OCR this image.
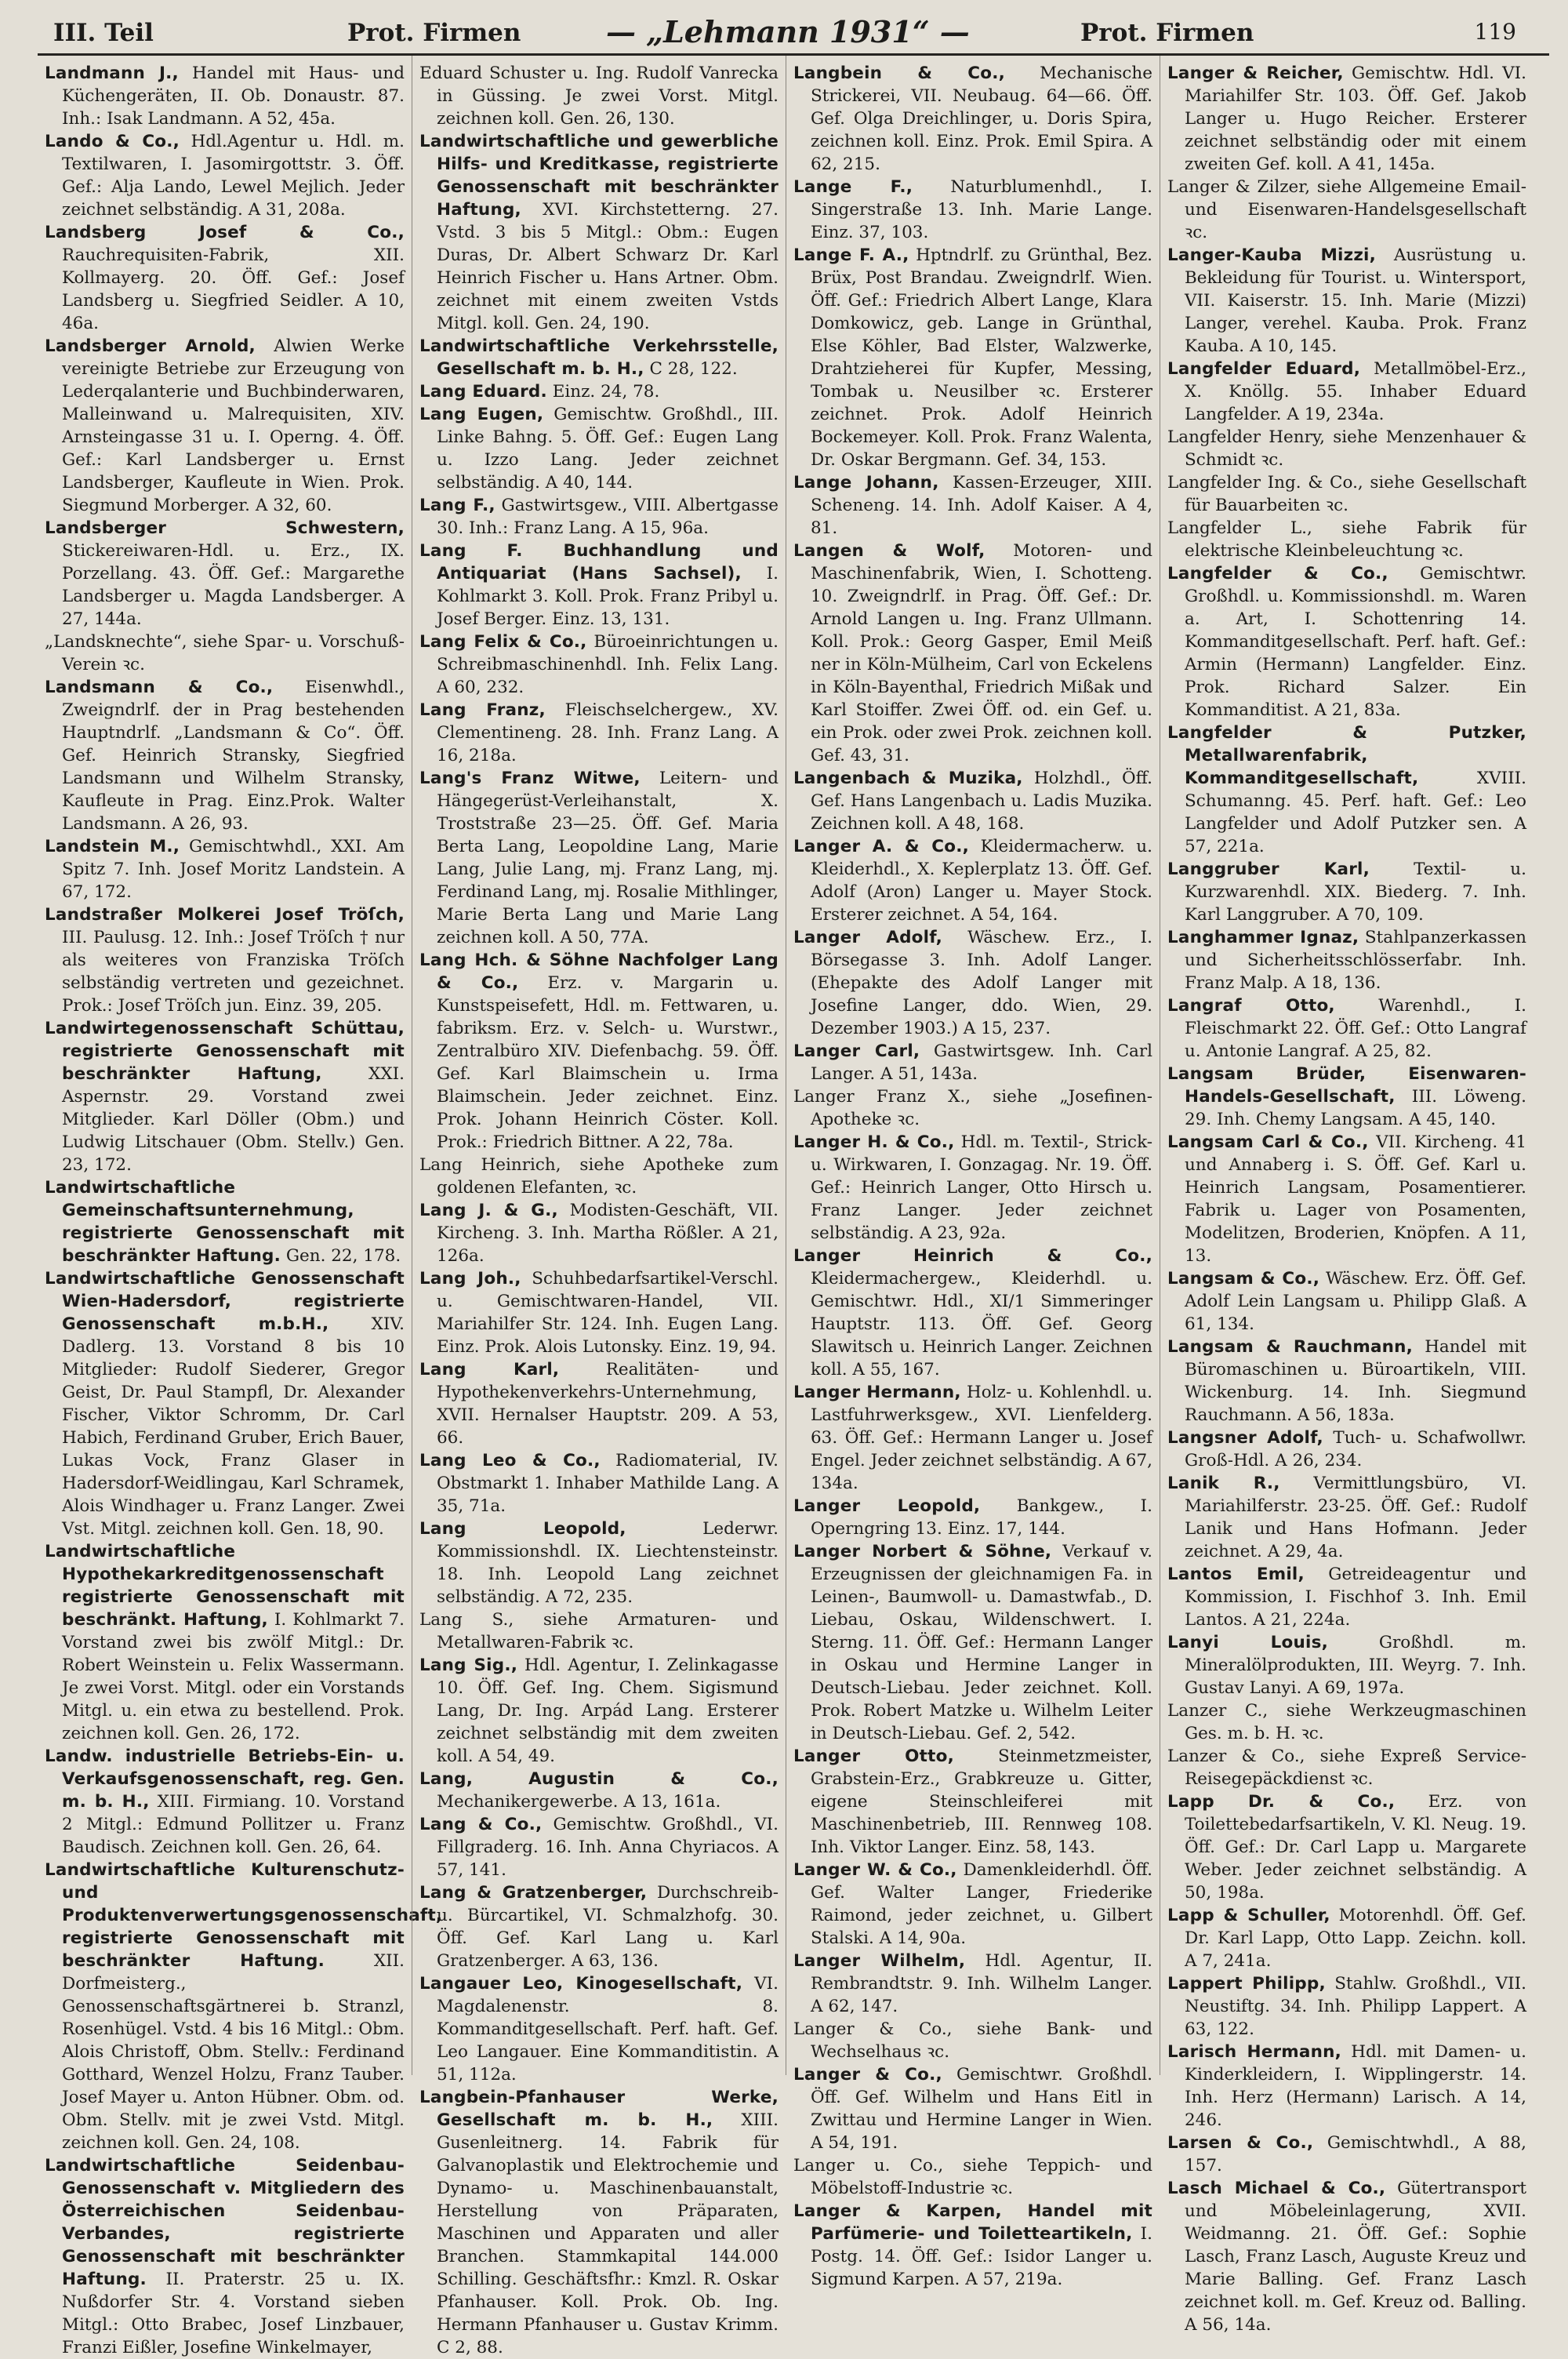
III. Teil	Prot. Firmen	— „Lehmann 1931“ —	Prot. Firmen	119

Landmann J., Handel mit Haus- und Küchengeräten, II. Ob. Donaustr. 87. Inh.: Isak Landmann. A 52, 45a.

Lando & Co., Hdl.Agentur u. Hdl. m. Textilwaren, I. Jasomirgottstr. 3. Öff. Gef.: Alja Lando, Lewel Mejlich. Jeder zeichnet selbständig. A 31, 208a.

Landsberg Josef & Co., Rauchrequisiten-Fabrik, XII. Kollmayerg. 20. Öff. Gef.: Josef Landsberg u. Siegfried Seidler. A 10, 46a.

Landsberger Arnold, Alwien Werke vereinigte Betriebe zur Erzeugung von Lederqalanterie und Buchbinderwaren, Malleinwand u. Malrequisiten, XIV. Arnsteingasse 31 u. I. Operng. 4. Öff. Gef.: Karl Landsberger u. Ernst Landsberger, Kaufleute in Wien. Prok. Siegmund Morberger. A 32, 60.

Landsberger Schwestern, Stickereiwaren-Hdl. u. Erz., IX. Porzellang. 43. Öff. Gef.: Margarethe Landsberger u. Magda Landsberger. A 27, 144a.

„Landsknechte“, siehe Spar- u. Vorschuß-Verein ꝛc.

Landsmann & Co., Eisenwhdl., Zweigndrlf. der in Prag bestehenden Hauptndrlf. „Landsmann & Co“. Öff. Gef. Heinrich Stransky, Siegfried Landsmann und Wilhelm Stransky, Kaufleute in Prag. Einz.Prok. Walter Landsmann. A 26, 93.

Landstein M., Gemischtwhdl., XXI. Am Spitz 7. Inh. Josef Moritz Landstein. A 67, 172.

Landstraßer Molkerei Josef Tröſch, III. Paulusg. 12. Inh.: Josef Tröſch † nur als weiteres von Franziska Tröſch selbständig vertreten und gezeichnet. Prok.: Josef Tröſch jun. Einz. 39, 205.

Landwirtegenossenschaft Schüttau, registrierte Genossenschaft mit beschränkter Haftung,	XXI. Aspernstr. 29. Vorstand zwei Mitglieder. Karl Döller (Obm.) und Ludwig Litschauer (Obm. Stellv.) Gen. 23, 172.

Landwirtschaftliche Gemeinschaftsunternehmung, registrierte Genossenschaft mit beschränkter Haftung. Gen. 22, 178.

Landwirtschaftliche Genossenschaft Wien-Hadersdorf, registrierte Genossenschaft m.b.H.,	XIV. Dadlerg. 13. Vorstand 8 bis 10 Mitglieder: Rudolf Siederer, Gregor Geist, Dr. Paul Stampfl, Dr. Alexander Fischer, Viktor Schromm, Dr. Carl Habich, Ferdinand Gruber, Erich Bauer, Lukas Vock, Franz Glaser in Hadersdorf-Weidlingau, Karl Schramek, Alois Windhager u. Franz Langer. Zwei Vst. Mitgl. zeichnen koll. Gen. 18, 90.

Landwirtschaftliche Hypothekarkreditgenossenschaft registrierte Genossenschaft mit beschränkt. Haftung, I. Kohlmarkt 7. Vorstand zwei bis zwölf Mitgl.: Dr. Robert Weinstein u. Felix Wassermann. Je zwei Vorst. Mitgl. oder ein Vorstands Mitgl. u. ein etwa zu bestellend. Prok. zeichnen koll. Gen. 26, 172.

Landw. industrielle Betriebs-Ein- u. Verkaufsgenossenschaft, reg. Gen. m. b. H., XIII. Firmiang. 10. Vorstand 2 Mitgl.: Edmund Pollitzer u. Franz Baudisch. Zeichnen koll. Gen. 26, 64.

Landwirtschaftliche Kulturenschutz- und Produktenverwertungsgenossenschaft, registrierte Genossenschaft mit beschränkter Haftung.	XII. Dorfmeisterg., Genossenschaftsgärtnerei b. Stranzl, Rosenhügel. Vstd. 4 bis 16 Mitgl.: Obm. Alois Christoff, Obm. Stellv.: Ferdinand Gotthard, Wenzel Holzu, Franz Tauber. Josef Mayer u. Anton Hübner. Obm. od. Obm. Stellv. mit je zwei Vstd. Mitgl. zeichnen koll. Gen. 24, 108.

Landwirtschaftliche Seidenbau-Genossenschaft v. Mitgliedern des Österreichischen Seidenbau-Verbandes, registrierte Genossenschaft mit beschränkter Haftung. II. Praterstr. 25 u. IX. Nußdorfer Str. 4. Vorstand sieben Mitgl.: Otto Brabec, Josef Linzbauer, Franzi Eißler, Josefine Winkelmayer,

Eduard Schuster u. Ing. Rudolf Vanrecka in Güssing. Je zwei Vorst. Mitgl. zeichnen koll. Gen. 26, 130.

Landwirtschaftliche und gewerbliche Hilfs- und Kreditkasse, registrierte Genossenschaft mit beschränkter Haftung, XVI. Kirchstetterng. 27. Vstd. 3 bis 5 Mitgl.: Obm.: Eugen Duras, Dr. Albert Schwarz Dr. Karl Heinrich Fischer u. Hans Artner. Obm. zeichnet mit einem zweiten Vstds Mitgl. koll. Gen. 24, 190.

Landwirtschaftliche Verkehrsstelle, Gesellschaft m. b. H., C 28, 122.

Lang Eduard. Einz. 24, 78.

Lang Eugen, Gemischtw. Großhdl., III. Linke Bahng. 5. Öff. Gef.: Eugen Lang u. Izzo Lang. Jeder zeichnet selbständig. A 40, 144.

Lang F., Gastwirtsgew., VIII. Albertgasse 30. Inh.: Franz Lang. A 15, 96a.

Lang F. Buchhandlung und Antiquariat (Hans Sachsel), I. Kohlmarkt 3. Koll. Prok. Franz Pribyl u. Josef Berger. Einz. 13, 131.

Lang Felix & Co., Büroeinrichtungen u. Schreibmaschinenhdl. Inh. Felix Lang. A 60, 232.

Lang Franz, Fleischselchergew., XV. Clementineng. 28. Inh. Franz Lang. A 16, 218a.

Lang's Franz Witwe, Leitern- und Hängegerüst-Verleihanstalt, X. Troststraße 23—25. Öff. Gef. Maria Berta Lang, Leopoldine Lang, Marie Lang, Julie Lang, mj. Franz Lang, mj. Ferdinand Lang, mj. Rosalie Mithlinger, Marie Berta Lang und Marie Lang zeichnen koll. A 50, 77A.

Lang Hch. & Söhne Nachfolger Lang & Co., Erz. v. Margarin u. Kunstspeisefett, Hdl. m. Fettwaren, u. fabriksm. Erz. v. Selch- u. Wurstwr., Zentralbüro XIV. Diefenbachg. 59. Öff. Gef. Karl Blaimschein u. Irma Blaimschein. Jeder zeichnet. Einz. Prok. Johann Heinrich Cöster. Koll. Prok.: Friedrich Bittner. A 22, 78a.

Lang Heinrich, siehe Apotheke zum goldenen Elefanten, ꝛc.

Lang J. & G., Modisten-Geschäft, VII. Kircheng. 3. Inh. Martha Rößler. A 21, 126a.

Lang Joh., Schuhbedarfsartikel-Verschl. u. Gemischtwaren-Handel, VII. Mariahilfer Str. 124. Inh. Eugen Lang. Einz. Prok. Alois Lutonsky. Einz. 19, 94.

Lang Karl,	Realitäten- und Hypothekenverkehrs-Unternehmung, XVII. Hernalser Hauptstr. 209. A 53, 66.

Lang Leo & Co., Radiomaterial, IV. Obstmarkt 1. Inhaber Mathilde Lang. A 35, 71a.

Lang Leopold,	Lederwr. Kommissionshdl. IX. Liechtensteinstr. 18. Inh. Leopold Lang zeichnet selbständig. A 72, 235.

Lang S., siehe Armaturen- und Metallwaren-Fabrik ꝛc.

Lang Sig., Hdl. Agentur, I. Zelinkagasse 10. Öff. Gef. Ing. Chem. Sigismund Lang, Dr. Ing. Arpád Lang. Ersterer zeichnet selbständig mit dem zweiten koll. A 54, 49.

Lang, Augustin & Co., Mechanikergewerbe. A 13, 161a.

Lang & Co., Gemischtw. Großhdl., VI. Fillgraderg. 16. Inh. Anna Chyriacos. A 57, 141.

Lang & Gratzenberger, Durchschreib- u. Bürcartikel, VI. Schmalzhofg. 30. Öff. Gef. Karl Lang u. Karl Gratzenberger. A 63, 136.

Langauer Leo, Kinogesellschaft, VI. Magdalenenstr. 8. Kommanditgesellschaft. Perf. haft. Gef. Leo Langauer. Eine Kommanditistin. A 51, 112a.

Langbein-Pfanhauser Werke, Gesellschaft m. b. H., XIII. Gusenleitnerg. 14. Fabrik für Galvanoplastik und Elektrochemie und Dynamo- u. Maschinenbauanstalt, Herstellung von Präparaten, Maschinen und Apparaten und aller Branchen. Stammkapital 144.000 Schilling. Geschäftsfhr.: Kmzl. R. Oskar Pfanhauser. Koll. Prok. Ob. Ing. Hermann Pfanhauser u. Gustav Krimm. C 2, 88.

Langbein & Co., Mechanische Strickerei, VII. Neubaug. 64—66. Öff. Gef. Olga Dreichlinger, u. Doris Spira, zeichnen koll. Einz. Prok. Emil Spira. A 62, 215.

Lange F., Naturblumenhdl., I. Singerstraße 13. Inh. Marie Lange. Einz. 37, 103.

Lange F. A., Hptndrlf. zu Grünthal, Bez. Brüx, Post Brandau. Zweigndrlf. Wien. Öff. Gef.: Friedrich Albert Lange, Klara Domkowicz, geb. Lange in Grünthal, Else Köhler, Bad Elster, Walzwerke, Drahtzieherei für Kupfer, Messing, Tombak u. Neusilber ꝛc. Ersterer zeichnet. Prok. Adolf Heinrich Bockemeyer. Koll. Prok. Franz Walenta, Dr. Oskar Bergmann. Gef. 34, 153.

Lange Johann, Kassen-Erzeuger, XIII. Scheneng. 14. Inh. Adolf Kaiser. A 4, 81.

Langen & Wolf, Motoren- und Maschinenfabrik, Wien, I. Schotteng. 10. Zweigndrlf. in Prag. Öff. Gef.: Dr. Arnold Langen u. Ing. Franz Ullmann. Koll. Prok.: Georg Gasper, Emil Meiß ner in Köln-Mülheim, Carl von Eckelens in Köln-Bayenthal, Friedrich Mißak und Karl Stoiffer. Zwei Öff. od. ein Gef. u. ein Prok. oder zwei Prok. zeichnen koll. Gef. 43, 31.

Langenbach & Muzika, Holzhdl., Öff. Gef. Hans Langenbach u. Ladis Muzika. Zeichnen koll. A 48, 168.

Langer A. & Co., Kleidermacherw. u. Kleiderhdl., X. Keplerplatz 13. Öff. Gef. Adolf (Aron) Langer u. Mayer Stock. Ersterer zeichnet. A 54, 164.

Langer Adolf, Wäschew. Erz., I. Börsegasse 3. Inh. Adolf Langer. (Ehepakte des Adolf Langer mit Josefine Langer, ddo. Wien, 29. Dezember 1903.) A 15, 237.

Langer Carl, Gastwirtsgew. Inh. Carl Langer. A 51, 143a.

Langer Franz X., siehe „Josefinen-Apotheke ꝛc.

Langer H. & Co., Hdl. m. Textil-, Strick- u. Wirkwaren, I. Gonzagag. Nr. 19. Öff. Gef.: Heinrich Langer, Otto Hirsch u. Franz Langer. Jeder zeichnet selbständig. A 23, 92a.

Langer Heinrich & Co., Kleidermachergew., Kleiderhdl. u. Gemischtwr. Hdl., XI/1 Simmeringer Hauptstr. 113. Öff. Gef. Georg Slawitsch u. Heinrich Langer. Zeichnen koll. A 55, 167.

Langer Hermann, Holz- u. Kohlenhdl. u. Lastfuhrwerksgew., XVI. Lienfelderg. 63. Öff. Gef.: Hermann Langer u. Josef Engel. Jeder zeichnet selbständig. A 67, 134a.

Langer Leopold, Bankgew., I. Operngring 13. Einz. 17, 144.

Langer Norbert & Söhne, Verkauf v. Erzeugnissen der gleichnamigen Fa. in Leinen-, Baumwoll- u. Damastwfab., D. Liebau, Oskau, Wildenschwert. I. Sterng. 11. Öff. Gef.: Hermann Langer in Oskau und Hermine Langer in Deutsch-Liebau. Jeder zeichnet. Koll. Prok. Robert Matzke u. Wilhelm Leiter in Deutsch-Liebau. Gef. 2, 542.

Langer Otto,	Steinmetzmeister, Grabstein-Erz., Grabkreuze u. Gitter, eigene Steinschleiferei mit Maschinenbetrieb, III. Rennweg 108. Inh. Viktor Langer. Einz. 58, 143.

Langer W. & Co., Damenkleiderhdl. Öff. Gef. Walter Langer, Friederike Raimond, jeder zeichnet, u. Gilbert Stalski. A 14, 90a.

Langer Wilhelm, Hdl. Agentur, II. Rembrandtstr. 9. Inh. Wilhelm Langer. A 62, 147.

Langer & Co., siehe Bank- und Wechselhaus ꝛc.

Langer & Co., Gemischtwr. Großhdl. Öff. Gef. Wilhelm und Hans Eitl in Zwittau und Hermine Langer in Wien. A 54, 191.

Langer u. Co., siehe Teppich- und Möbelstoff-Industrie ꝛc.

Langer & Karpen, Handel mit Parfümerie- und Toiletteartikeln, I. Postg. 14. Öff. Gef.: Isidor Langer u. Sigmund Karpen. A 57, 219a.

Langer & Reicher, Gemischtw. Hdl. VI. Mariahilfer Str. 103. Öff. Gef. Jakob Langer u. Hugo Reicher. Ersterer zeichnet selbständig oder mit einem zweiten Gef. koll. A 41, 145a.

Langer & Zilzer, siehe Allgemeine Email- und Eisenwaren-Handelsgesellschaft ꝛc.

Langer-Kauba Mizzi, Ausrüstung u. Bekleidung für Tourist. u. Wintersport, VII. Kaiserstr. 15. Inh. Marie (Mizzi) Langer, verehel. Kauba. Prok. Franz Kauba. A 10, 145.

Langfelder Eduard, Metallmöbel-Erz., X. Knöllg. 55. Inhaber Eduard Langfelder. A 19, 234a.

Langfelder Henry, siehe Menzenhauer & Schmidt ꝛc.

Langfelder Ing. & Co., siehe Gesellschaft für Bauarbeiten ꝛc.

Langfelder L., siehe Fabrik für elektrische Kleinbeleuchtung ꝛc.

Langfelder & Co., Gemischtwr. Großhdl. u. Kommissionshdl. m. Waren a. Art, I. Schottenring 14. Kommanditgesellschaft. Perf. haft. Gef.: Armin (Hermann) Langfelder. Einz. Prok. Richard Salzer. Ein Kommanditist. A 21, 83a.

Langfelder & Putzker, Metallwarenfabrik, Kommanditgesellschaft,	XVIII. Schumanng. 45. Perf. haft. Gef.: Leo Langfelder und Adolf Putzker sen. A 57, 221a.

Langgruber Karl,	Textil- u. Kurzwarenhdl. XIX. Biederg. 7. Inh. Karl Langgruber. A 70, 109.

Langhammer Ignaz, Stahlpanzerkassen und Sicherheitsschlösserfabr. Inh. Franz Malp. A 18, 136.

Langraf Otto,	Warenhdl., I. Fleischmarkt 22. Öff. Gef.: Otto Langraf u. Antonie Langraf. A 25, 82.

Langsam Brüder, Eisenwaren-Handels-Gesellschaft, III. Löweng. 29. Inh. Chemy Langsam. A 45, 140.

Langsam Carl & Co., VII. Kircheng. 41 und Annaberg i. S. Öff. Gef. Karl u. Heinrich Langsam, Posamentierer. Fabrik u. Lager von Posamenten, Modelitzen, Broderien, Knöpfen. A 11, 13.

Langsam & Co., Wäschew. Erz. Öff. Gef. Adolf Lein Langsam u. Philipp Glaß. A 61, 134.

Langsam & Rauchmann, Handel mit Büromaschinen u. Büroartikeln, VIII. Wickenburg. 14. Inh. Siegmund Rauchmann. A 56, 183a.

Langsner Adolf, Tuch- u. Schafwollwr. Groß-Hdl. A 26, 234.

Lanik R., Vermittlungsbüro, VI. Mariahilferstr. 23-25. Öff. Gef.: Rudolf Lanik und Hans Hofmann. Jeder zeichnet. A 29, 4a.

Lantos Emil, Getreideagentur und Kommission, I. Fischhof 3. Inh. Emil Lantos. A 21, 224a.

Lanyi Louis,	Großhdl. m. Mineralölprodukten, III. Weyrg. 7. Inh. Gustav Lanyi. A 69, 197a.

Lanzer C., siehe Werkzeugmaschinen Ges. m. b. H. ꝛc.

Lanzer & Co., siehe Expreß Service-Reisegepäckdienst ꝛc.

Lapp Dr. & Co., Erz. von Toilettebedarfsartikeln, V. Kl. Neug. 19. Öff. Gef.: Dr. Carl Lapp u. Margarete Weber. Jeder zeichnet selbständig. A 50, 198a.

Lapp & Schuller, Motorenhdl. Öff. Gef. Dr. Karl Lapp, Otto Lapp. Zeichn. koll. A 7, 241a.

Lappert Philipp, Stahlw. Großhdl., VII. Neustiftg. 34. Inh. Philipp Lappert. A 63, 122.

Larisch Hermann, Hdl. mit Damen- u. Kinderkleidern, I. Wipplingerstr. 14. Inh. Herz (Hermann) Larisch. A 14, 246.

Larsen & Co., Gemischtwhdl., A 88, 157.

Lasch Michael & Co., Gütertransport und Möbeleinlagerung, XVII. Weidmanng. 21. Öff. Gef.: Sophie Lasch, Franz Lasch, Auguste Kreuz und Marie Balling. Gef. Franz Lasch zeichnet koll. m. Gef. Kreuz od. Balling. A 56, 14a.
